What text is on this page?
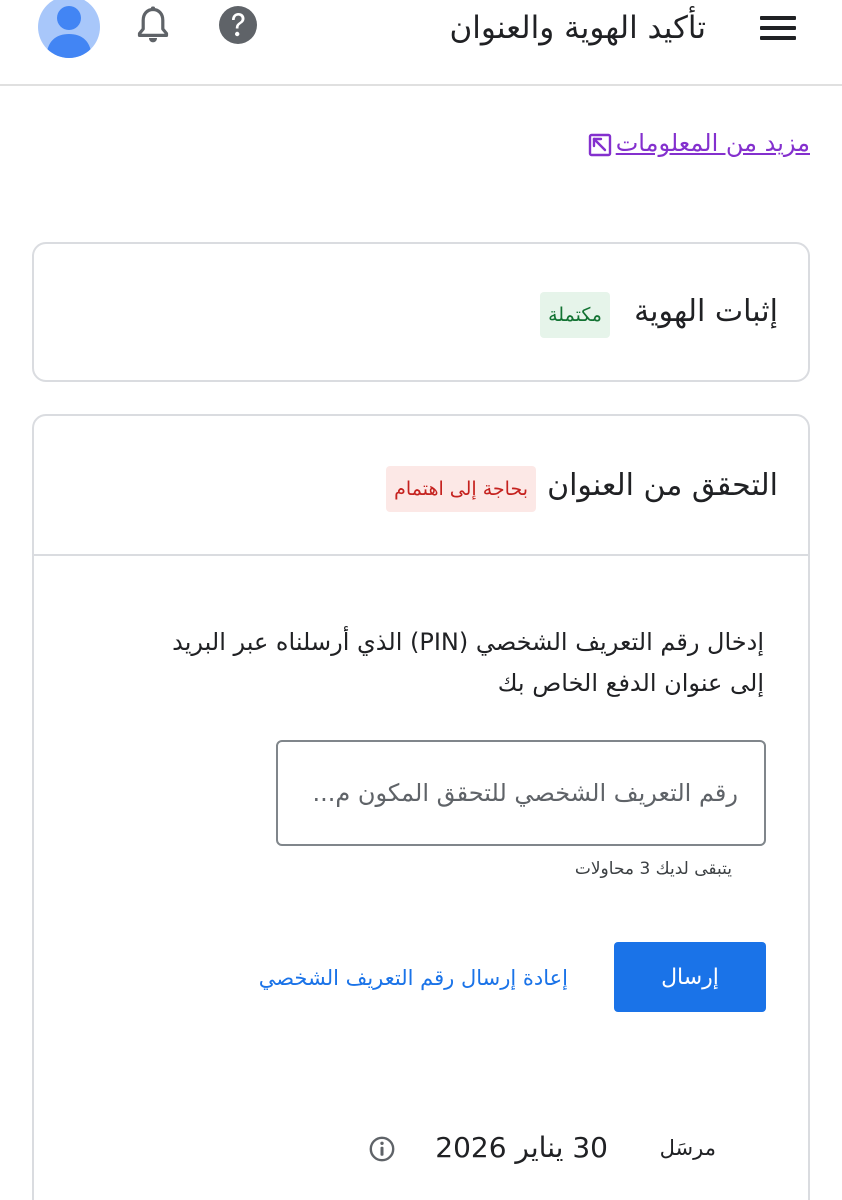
تأكيد الهوية والعنوان
مزيد من المعلومات
إثبات الهوية
مكتملة
التحقق من العنوان
بحاجة إلى اهتمام
إدخال رقم التعريف الشخصي (PIN) الذي أرسلناه عبر البريد إلى عنوان الدفع الخاص بك
رقم التعريف الشخصي للتحقق المكون م...
يتبقى لديك 3 محاولات
إرسال
إعادة إرسال رقم التعريف الشخصي
مرسَل
30 يناير 2026
